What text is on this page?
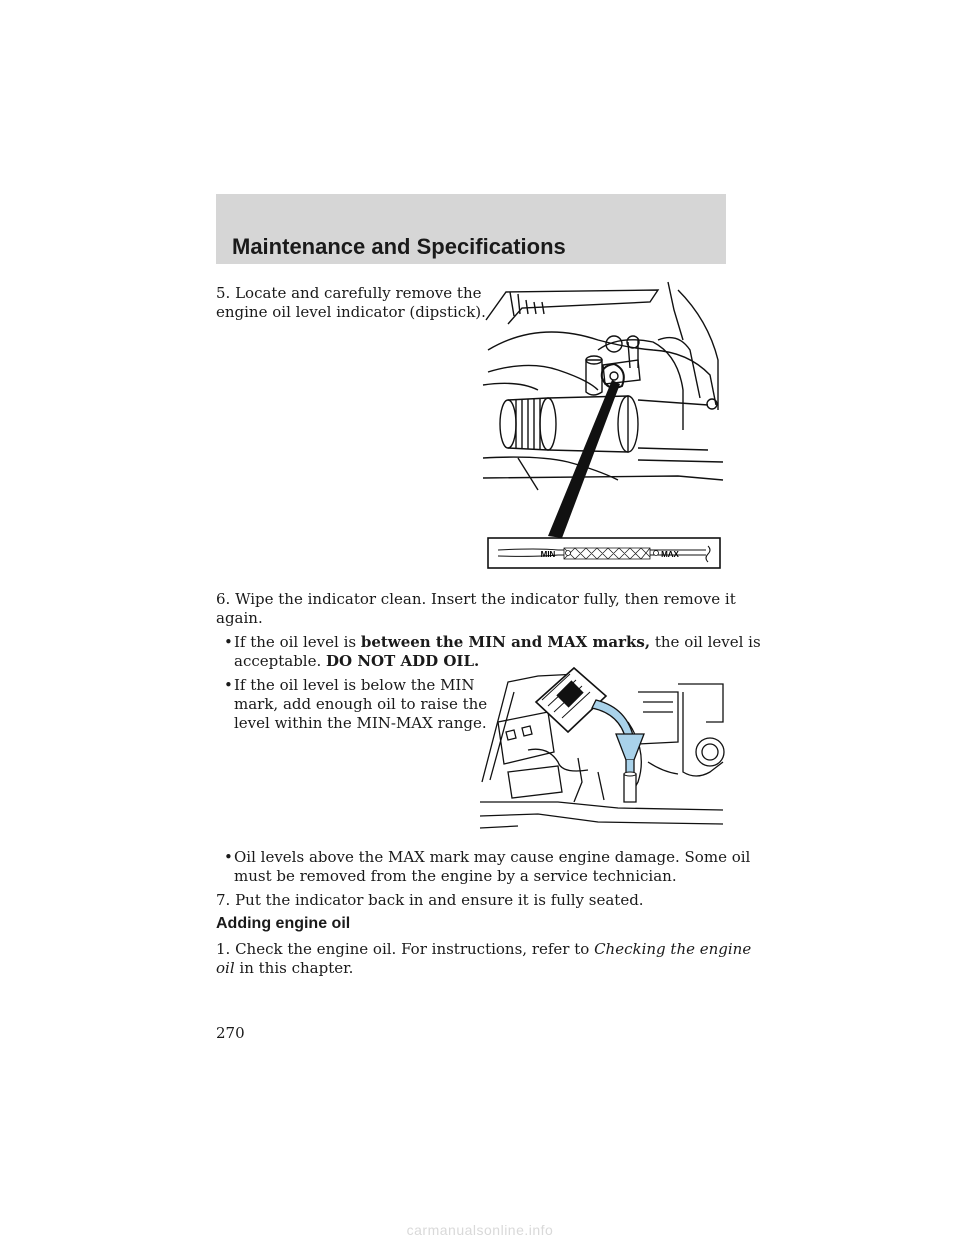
Maintenance and Specifications
5. Locate and carefully remove the
engine oil level indicator (dipstick).
MIN	MAX
6. Wipe the indicator clean. Insert the indicator fully, then remove it
again.
• If the oil level is between the MIN and MAX marks, the oil level is
acceptable. DO NOT ADD OIL.
• If the oil level is below the MIN
mark, add enough oil to raise the
level within the MIN-MAX range.
• Oil levels above the MAX mark may cause engine damage. Some oil
must be removed from the engine by a service technician.
7. Put the indicator back in and ensure it is fully seated.
Adding engine oil
1. Check the engine oil. For instructions, refer to Checking the engine
oil in this chapter.
270
carmanualsonline.info
